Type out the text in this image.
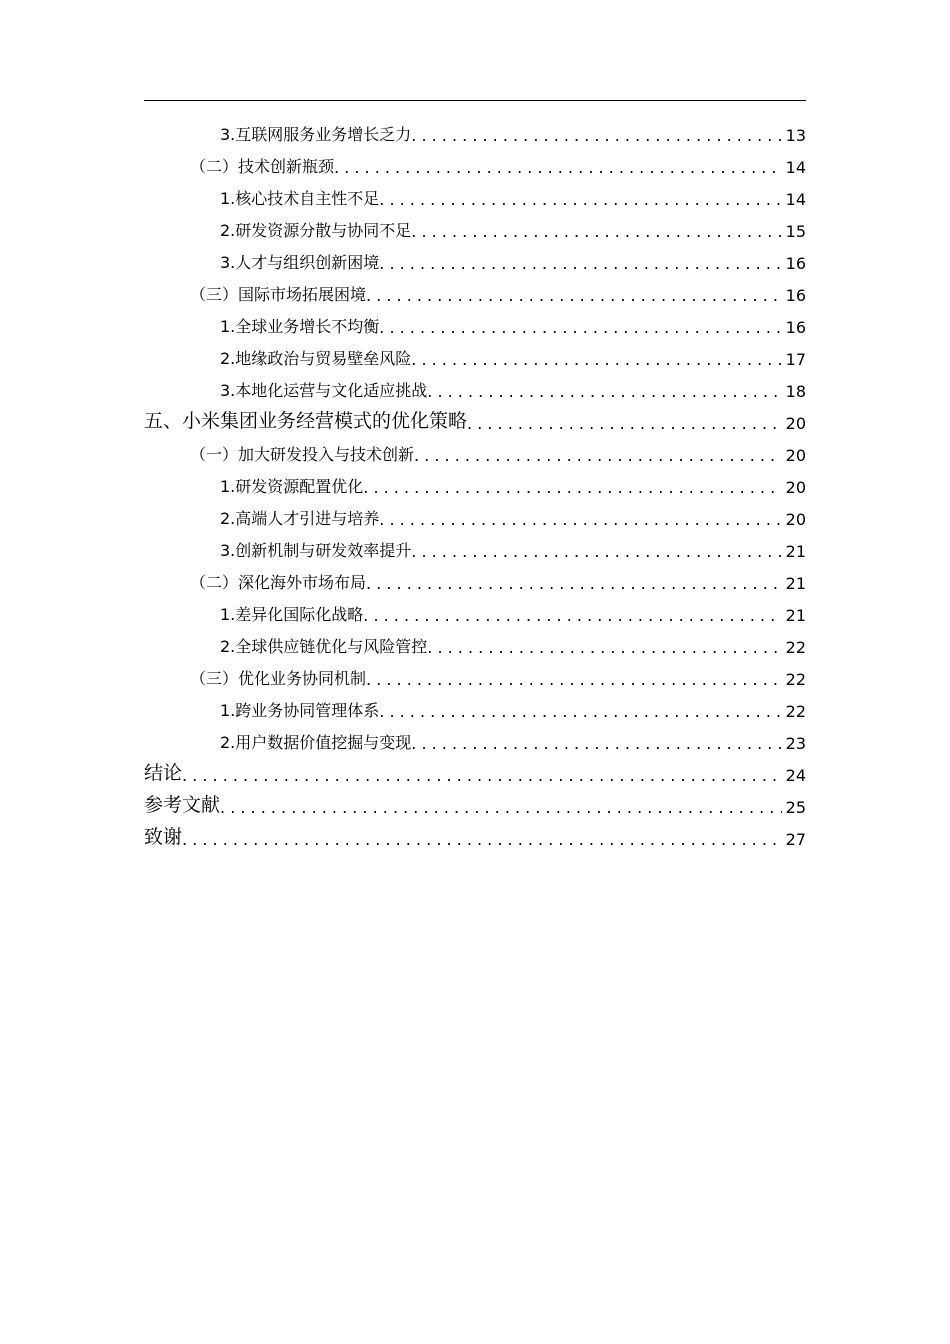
3.互联网服务业务增长乏力 . . .	13
（二）技术创新瓶颈 . . .	14
1.核心技术自主性不足 . . .	14
2.研发资源分散与协同不足 . . .	15
3.人才与组织创新困境 . . .	16
（三）国际市场拓展困境 . . .	16
1.全球业务增长不均衡 . . .	16
2.地缘政治与贸易壁垒风险 . . .	17
3.本地化运营与文化适应挑战 . . .	18
五、小米集团业务经营模式的优化策略 . . .	20
（一）加大研发投入与技术创新 . . .	20
1.研发资源配置优化 . . .	20
2.高端人才引进与培养 . . .	20
3.创新机制与研发效率提升 . . .	21
（二）深化海外市场布局 . . .	21
1.差异化国际化战略 . . .	21
2.全球供应链优化与风险管控 . . .	22
（三）优化业务协同机制 . . .	22
1.跨业务协同管理体系 . . .	22
2.用户数据价值挖掘与变现 . . .	23
结论 . . .	24
参考文献 . . .	25
致谢 . . .	27
